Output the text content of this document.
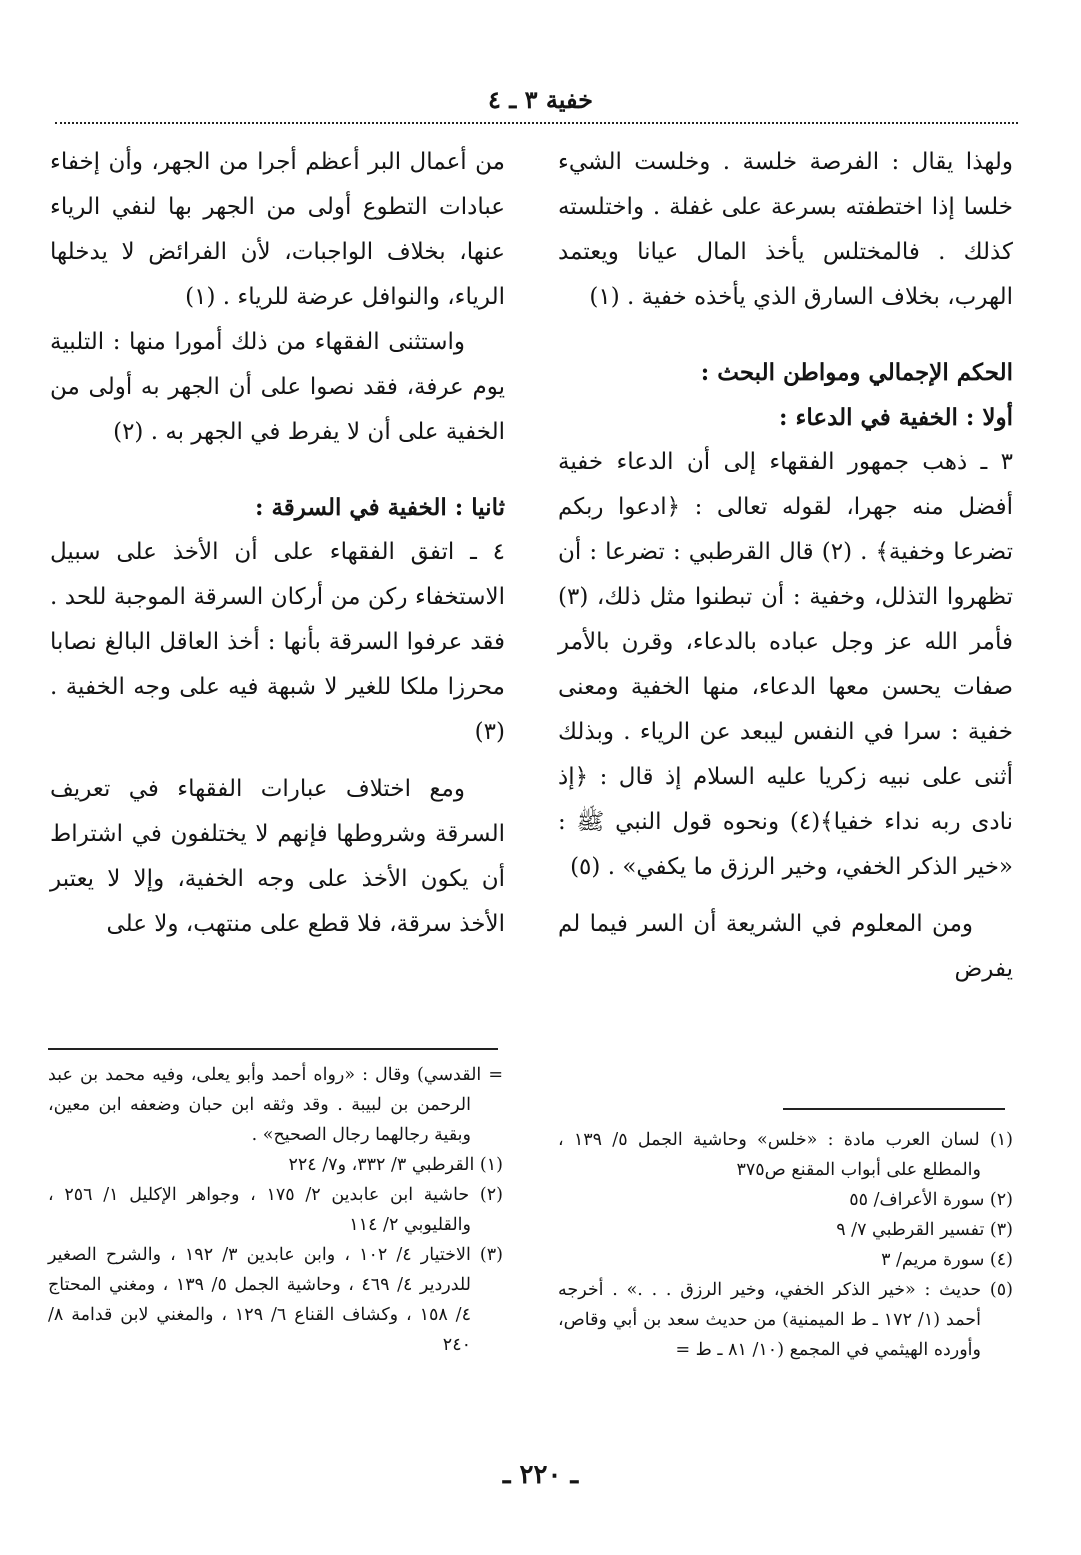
خفية ٣ ـ ٤

ولهذا يقال : الفرصة خلسة . وخلست الشيء خلسا إذا اختطفته بسرعة على غفلة . واختلسته كذلك . فالمختلس يأخذ المال عيانا ويعتمد الهرب، بخلاف السارق الذي يأخذه خفية . (١)

الحكم الإجمالي ومواطن البحث :
أولا : الخفية في الدعاء :

٣ ـ ذهب جمهور الفقهاء إلى أن الدعاء خفية أفضل منه جهرا، لقوله تعالى : ﴿ادعوا ربكم تضرعا وخفية﴾ . (٢) قال القرطبي : تضرعا : أن تظهروا التذلل، وخفية : أن تبطنوا مثل ذلك، (٣) فأمر الله عز وجل عباده بالدعاء، وقرن بالأمر صفات يحسن معها الدعاء، منها الخفية ومعنى خفية : سرا في النفس ليبعد عن الرياء . وبذلك أثنى على نبيه زكريا عليه السلام إذ قال : ﴿إذ نادى ربه نداء خفيا﴾(٤) ونحوه قول النبي ﷺ : «خير الذكر الخفي، وخير الرزق ما يكفي» . (٥)

ومن المعلوم في الشريعة أن السر فيما لم يفرض

من أعمال البر أعظم أجرا من الجهر، وأن إخفاء عبادات التطوع أولى من الجهر بها لنفي الرياء عنها، بخلاف الواجبات، لأن الفرائض لا يدخلها الرياء، والنوافل عرضة للرياء . (١)

واستثنى الفقهاء من ذلك أمورا منها : التلبية يوم عرفة، فقد نصوا على أن الجهر به أولى من الخفية على أن لا يفرط في الجهر به . (٢)

ثانيا : الخفية في السرقة :

٤ ـ اتفق الفقهاء على أن الأخذ على سبيل الاستخفاء ركن من أركان السرقة الموجبة للحد . فقد عرفوا السرقة بأنها : أخذ العاقل البالغ نصابا محرزا ملكا للغير لا شبهة فيه على وجه الخفية . (٣)

ومع اختلاف عبارات الفقهاء في تعريف السرقة وشروطها فإنهم لا يختلفون في اشتراط أن يكون الأخذ على وجه الخفية، وإلا لا يعتبر الأخذ سرقة، فلا قطع على منتهب، ولا على

(١) لسان العرب مادة : «خلس» وحاشية الجمل ٥/ ١٣٩ ، والمطلع على أبواب المقنع ص٣٧٥

(٢) سورة الأعراف/ ٥٥

(٣) تفسير القرطبي ٧/ ٩

(٤) سورة مريم/ ٣

(٥) حديث : «خير الذكر الخفي، وخير الرزق . . .» . أخرجه أحمد (١/ ١٧٢ ـ ط الميمنية) من حديث سعد بن أبي وقاص، وأورده الهيثمي في المجمع (١٠/ ٨١ ـ ط =

= القدسي) وقال : «رواه أحمد وأبو يعلى، وفيه محمد بن عبد الرحمن بن لبيبة . وقد وثقه ابن حبان وضعفه ابن معين، وبقية رجالهما رجال الصحيح» .

(١) القرطبي ٣/ ٣٣٢، و٧/ ٢٢٤

(٢) حاشية ابن عابدين ٢/ ١٧٥ ، وجواهر الإكليل ١/ ٢٥٦ ، والقليوبي ٢/ ١١٤

(٣) الاختيار ٤/ ١٠٢ ، وابن عابدين ٣/ ١٩٢ ، والشرح الصغير للدردير ٤/ ٤٦٩ ، وحاشية الجمل ٥/ ١٣٩ ، ومغني المحتاج ٤/ ١٥٨ ، وكشاف القناع ٦/ ١٢٩ ، والمغني لابن قدامة ٨/ ٢٤٠

ـ ٢٢٠ ـ
